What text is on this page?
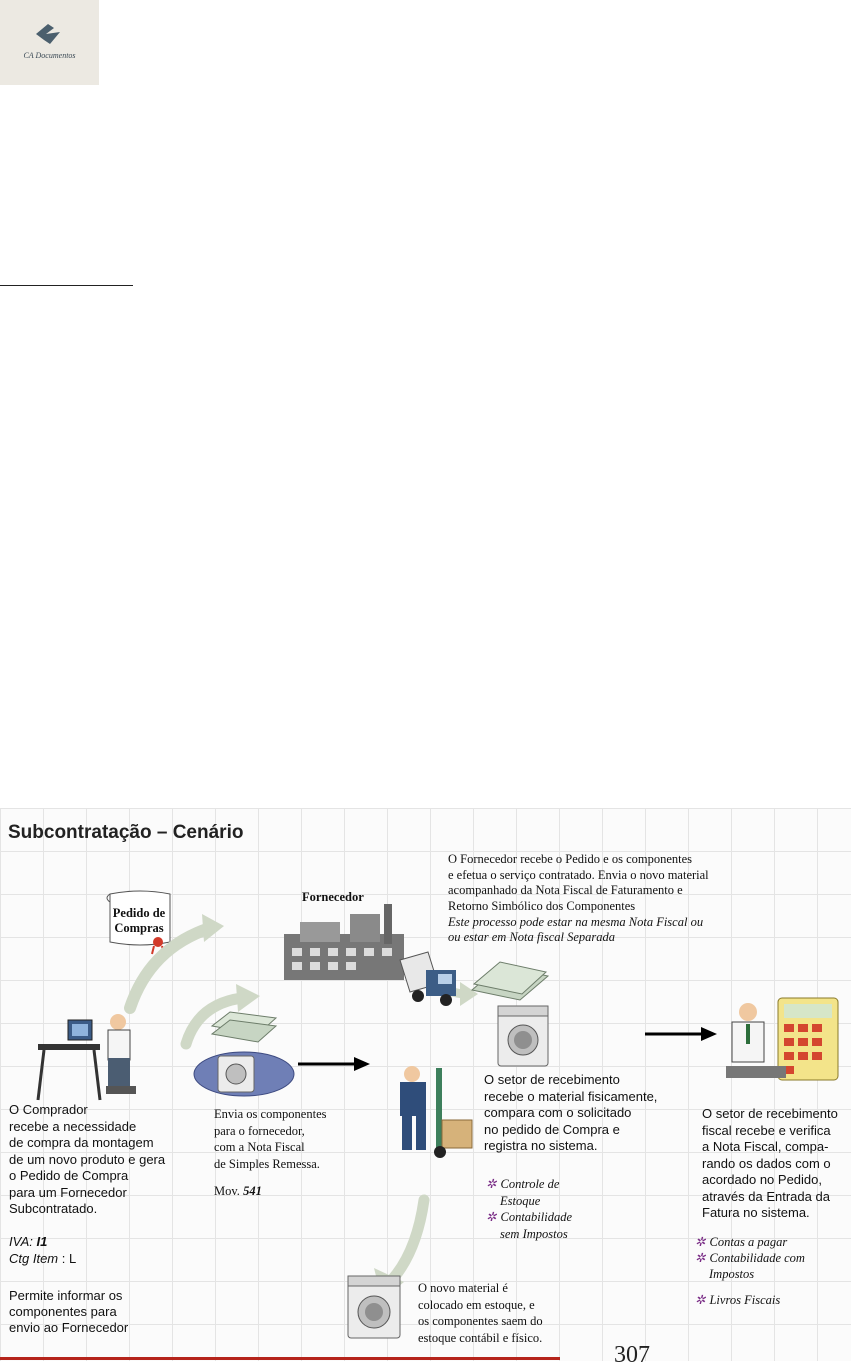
CA Documentos
Subcontratação – Cenário
Pedido de Compras
Fornecedor
O Fornecedor recebe o Pedido e os componentes
e efetua o serviço contratado. Envia o novo material
acompanhado da Nota Fiscal de Faturamento e
Retorno Simbólico dos Componentes
Este processo pode estar na mesma Nota Fiscal ou
ou estar em Nota fiscal Separada
O Comprador
recebe a necessidade
de compra da montagem
de um novo produto e gera
o Pedido de Compra
para um Fornecedor
Subcontratado.
IVA: I1
Ctg Item : L
Permite informar os
componentes para
envio ao Fornecedor
Envia os componentes
para o fornecedor,
com a Nota Fiscal
de Simples Remessa.
Mov. 541
O setor de recebimento
recebe o material fisicamente,
compara com o solicitado
no pedido de Compra e
registra no sistema.
✲ Controle de
Estoque
✲ Contabilidade
sem Impostos
O setor de recebimento
fiscal recebe e verifica
a Nota Fiscal, compa-
rando os dados com o
acordado no Pedido,
através da Entrada da
Fatura no sistema.
✲ Contas a pagar
✲ Contabilidade com
Impostos
✲ Livros Fiscais
O novo material é
colocado em estoque, e
os componentes saem do
estoque contábil e físico.
307
